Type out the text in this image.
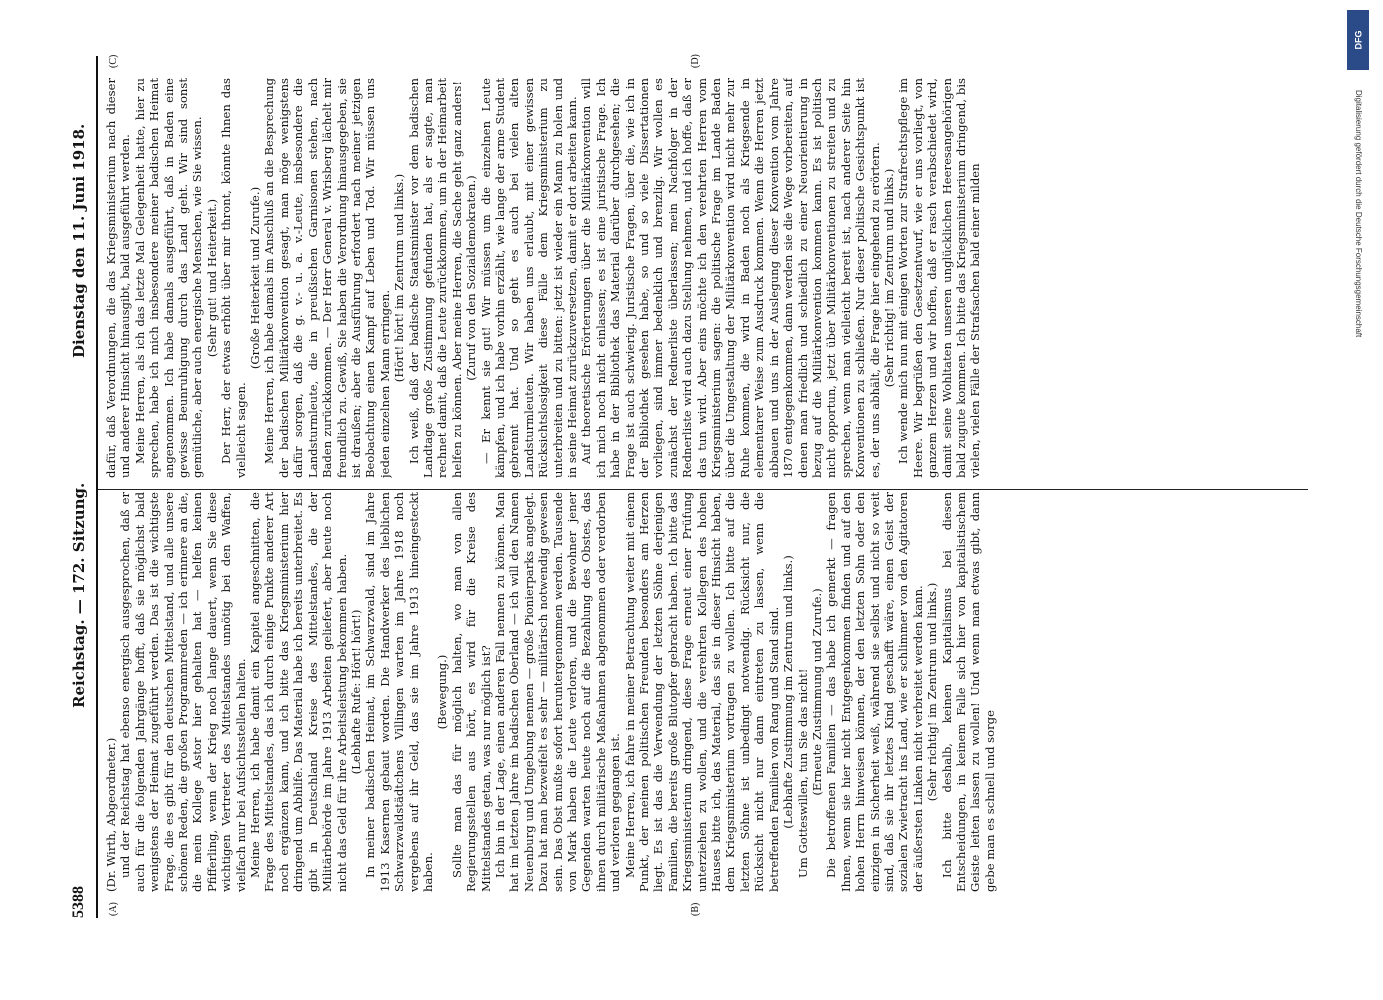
5388
Reichstag. — 172. Sitzung.
Dienstag den 11. Juni 1918.
(A)	(B)
(C)	(D)

(Dr. Wirth, Abgeordneter.) und der Reichstag hat ebenso energisch ausgesprochen, daß er auch für die folgenden Jahrgänge hofft, daß sie möglichst bald wenigstens der Heimat zugeführt werden. Das ist die wichtigste Frage, die es gibt für den deutschen Mittelstand, und alle unsere schönen Reden, die großen Programmreden — ich erinnere an die, die mein Kollege Astor hier gehalten hat — helfen keinen Pfifferling, wenn der Krieg noch lange dauert, wenn Sie diese wichtigen Vertreter des Mittelstandes unnötig bei den Waffen, vielfach nur bei Aufsichtsstellen halten. Meine Herren, ich habe damit ein Kapitel angeschnitten, die Frage des Mittelstandes, das ich durch einige Punkte anderer Art noch ergänzen kann, und ich bitte das Kriegsministerium hier dringend um Abhilfe. Das Material habe ich bereits unterbreitet. Es gibt in Deutschland Kreise des Mittelstandes, die der Militärbehörde im Jahre 1913 Arbeiten geliefert, aber heute noch nicht das Geld für ihre Arbeitsleistung bekommen haben. (Lebhafte Rufe: Hört! hört!) In meiner badischen Heimat, im Schwarzwald, sind im Jahre 1913 Kasernen gebaut worden. Die Handwerker des lieblichen Schwarzwaldstädtchens Villingen warten im Jahre 1918 noch vergebens auf ihr Geld, das sie im Jahre 1913 hineingesteckt haben.

(Bewegung.) Sollte man das für möglich halten, wo man von allen Regierungsstellen aus hört, es wird für die Kreise des Mittelstandes getan, was nur möglich ist? Ich bin in der Lage, einen anderen Fall nennen zu können. Man hat im letzten Jahre im badischen Oberland — ich will den Namen Neuenburg und Umgebung nennen — große Pionierparks angelegt. Dazu hat man bezweifelt es sehr — militärisch notwendig gewesen sein. Das Obst mußte sofort heruntergenommen werden. Tausende von Mark haben die Leute verloren, und die Bewohner jener Gegenden warten heute noch auf die Bezahlung des Obstes, das ihnen durch militärische Maßnahmen abgenommen oder verdorben und verloren gegangen ist. Meine Herren, ich fahre in meiner Betrachtung weiter mit einem Punkt, der meinen politischen Freunden besonders am Herzen liegt. Es ist das die Verwendung der letzten Söhne derjenigen Familien, die bereits große Blutopfer gebracht haben. Ich bitte das Kriegsministerium dringend, diese Frage erneut einer Prüfung unterziehen zu wollen, und die verehrten Kollegen des hohen Hauses bitte ich, das Material, das sie in dieser Hinsicht haben, dem Kriegsministerium vortragen zu wollen. Ich bitte auf die letzten Söhne ist unbedingt notwendig. Rücksicht nur, die Rücksicht nicht nur dann eintreten zu lassen, wenn die betreffenden Familien von Rang und Stand sind. (Lebhafte Zustimmung im Zentrum und links.) Um Gotteswillen, tun Sie das nicht! (Erneute Zustimmung und Zurufe.) Die betroffenen Familien — das habe ich gemerkt — fragen Ihnen, wenn sie hier nicht Entgegenkommen finden und auf den hohen Herrn hinweisen können, der den letzten Sohn oder den einzigen in Sicherheit weiß, während sie selbst und nicht so weit sind, daß sie ihr letztes Kind geschafft wäre, einen Geist der sozialen Zwietracht ins Land, wie er schlimmer von den Agitatoren der äußersten Linken nicht verbreitet werden kann. (Sehr richtig! im Zentrum und links.) Ich bitte deshalb, keinen Kapitalismus bei diesen Entscheidungen, in keinem Falle sich hier von kapitalistischem Geiste leiten lassen zu wollen! Und wenn man etwas gibt, dann gebe man es schnell und sorge

dafür, daß Verordnungen, die das Kriegsministerium nach dieser und anderer Hinsicht hinausgibt, bald ausgeführt werden. Meine Herren, als ich das letzte Mal Gelegenheit hatte, hier zu sprechen, habe ich mich insbesondere meiner badischen Heimat angenommen. Ich habe damals ausgeführt, daß in Baden eine gewisse Beunruhigung durch das Land geht. Wir sind sonst gemütliche, aber auch energische Menschen, wie Sie wissen. (Sehr gut! und Heiterkeit.) Der Herr, der etwas erhöht über mir thront, könnte Ihnen das vielleicht sagen.

(Große Heiterkeit und Zurufe.) Meine Herren, ich habe damals im Anschluß an die Besprechung der badischen Militärkonvention gesagt, man möge wenigstens dafür sorgen, daß die g. v.- u. a. v.-Leute, insbesondere die Landsturmleute, die in preußischen Garnisonen stehen, nach Baden zurückkommen. — Der Herr General v. Wrisberg lächelt mir freundlich zu. Gewiß, Sie haben die Verordnung hinausgegeben, sie ist draußen; aber die Ausführung erfordert nach meiner jetzigen Beobachtung einen Kampf auf Leben und Tod. Wir müssen uns jeden einzelnen Mann erringen.

(Hört! hört! im Zentrum und links.) Ich weiß, daß der badische Staatsminister vor dem badischen Landtage große Zustimmung gefunden hat, als er sagte, man rechnet damit, daß die Leute zurückkommen, um in der Heimarbeit helfen zu können. Aber meine Herren, die Sache geht ganz anders! (Zuruf von den Sozialdemokraten.) — Er kennt sie gut! Wir müssen um die einzelnen Leute kämpfen, und ich habe vorhin erzählt, wie lange der arme Student gebrennt hat. Und so geht es auch bei vielen alten Landsturmleuten. Wir haben uns erlaubt, mit einer gewissen Rücksichtslosigkeit diese Fälle dem Kriegsministerium zu unterbreiten und zu bitten: jetzt ist wieder ein Mann zu holen und in seine Heimat zurückzuversetzen, damit er dort arbeiten kann. Auf theoretische Erörterungen über die Militärkonvention will ich mich noch nicht einlassen; es ist eine juristische Frage. Ich habe in der Bibliothek das Material darüber durchgesehen; die Frage ist auch schwierig. Juristische Fragen, über die, wie ich in der Bibliothek gesehen habe, so und so viele Dissertationen vorliegen, sind immer bedenklich und brenzlig. Wir wollen es zunächst der Rednerliste überlassen; mein Nachfolger in der Rednerliste wird auch dazu Stellung nehmen, und ich hoffe, daß er das tun wird. Aber eins möchte ich den verehrten Herren vom Kriegsministerium sagen: die politische Frage im Lande Baden über die Umgestaltung der Militärkonvention wird nicht mehr zur Ruhe kommen, die wird in Baden noch als Kriegsende in elementarer Weise zum Ausdruck kommen. Wenn die Herren jetzt abbauen und uns in der Auslegung dieser Konvention vom Jahre 1870 entgegenkommen, dann werden sie die Wege vorbereiten, auf denen man friedlich und schiedlich zu einer Neuorientierung in bezug auf die Militärkonvention kommen kann. Es ist politisch nicht opportun, jetzt über Militärkonventionen zu streiten und zu sprechen, wenn man vielleicht bereit ist, nach anderer Seite hin Konventionen zu schließen. Nur dieser politische Gesichtspunkt ist es, der uns abhält, die Frage hier eingehend zu erörtern. (Sehr richtig! im Zentrum und links.) Ich wende mich nun mit einigen Worten zur Strafrechtspflege im Heere. Wir begrüßen den Gesetzentwurf, wie er uns vorliegt, von ganzem Herzen und wir hoffen, daß er rasch verabschiedet wird, damit seine Wohltaten unseren unglücklichen Heeresangehörigen bald zugute kommen. Ich bitte das Kriegsministerium dringend, bis vielen, vielen Fälle der Strafsachen bald einer milden

DFG
Digitalisierung gefördert durch die Deutsche Forschungsgemeinschaft
